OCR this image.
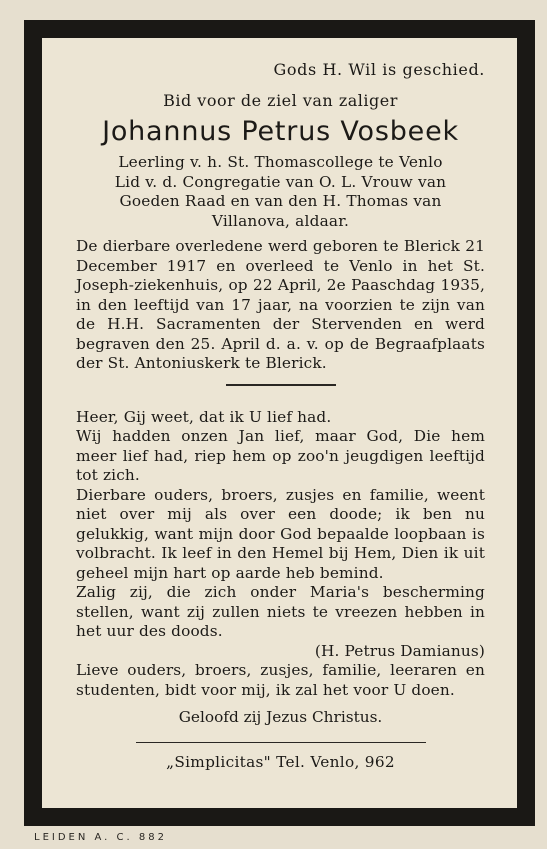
Gods H. Wil is geschied.
Bid voor de ziel van zaliger
Johannus Petrus Vosbeek
Leerling v. h. St. Thomascollege te Venlo
Lid v. d. Congregatie van O. L. Vrouw van
Goeden Raad en van den H. Thomas van
Villanova, aldaar.
De dierbare overledene werd geboren te Blerick 21 December 1917 en overleed te Venlo in het St. Joseph-ziekenhuis, op 22 April, 2e Paaschdag 1935, in den leeftijd van 17 jaar, na voorzien te zijn van de H.H. Sacramenten der Stervenden en werd begraven den 25. April d. a. v. op de Begraafplaats der St. Antoniuskerk te Blerick.

Heer, Gij weet, dat ik U lief had.

Wij hadden onzen Jan lief, maar God, Die hem meer lief had, riep hem op zoo'n jeugdigen leeftijd tot zich.

Dierbare ouders, broers, zusjes en familie, weent niet over mij als over een doode; ik ben nu gelukkig, want mijn door God bepaalde loopbaan is volbracht. Ik leef in den Hemel bij Hem, Dien ik uit geheel mijn hart op aarde heb bemind.

Zalig zij, die zich onder Maria's bescherming stellen, want zij zullen niets te vreezen hebben in het uur des doods.

(H. Petrus Damianus)

Lieve ouders, broers, zusjes, familie, leeraren en studenten, bidt voor mij, ik zal het voor U doen.

Geloofd zij Jezus Christus.
„Simplicitas" Tel. Venlo, 962
LEIDEN A. C. 882
